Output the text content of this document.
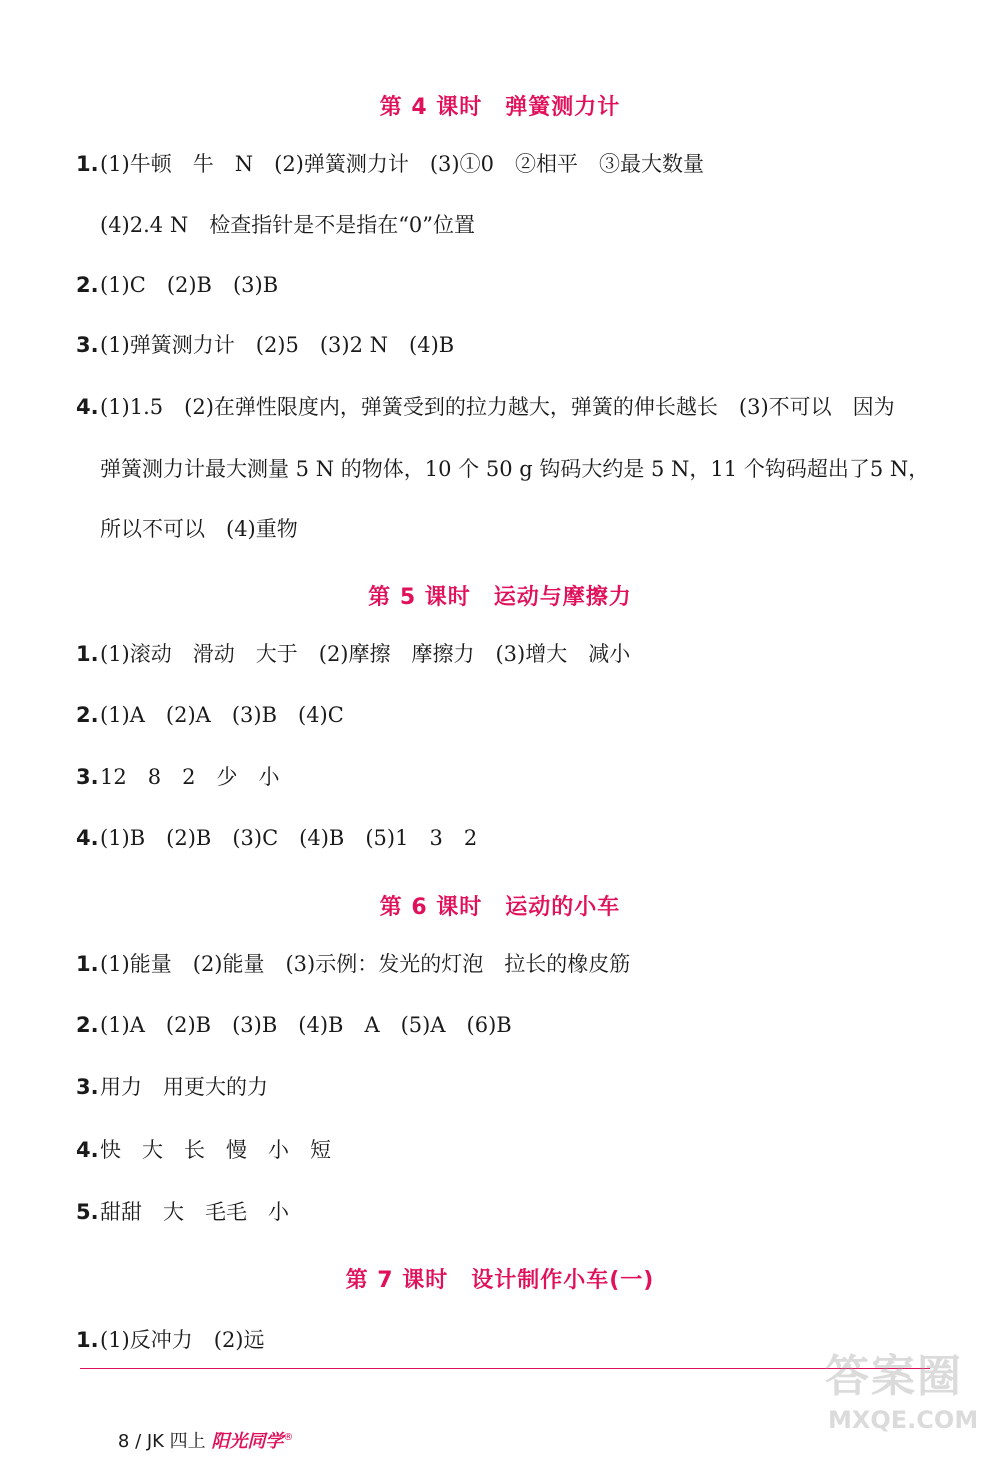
第 4 课时　弹簧测力计
1.(1)牛顿　牛　N　(2)弹簧测力计　(3)①0　②相平　③最大数量
(4)2.4 N　检查指针是不是指在“0”位置
2.(1)C　(2)B　(3)B
3.(1)弹簧测力计　(2)5　(3)2 N　(4)B
4.(1)1.5　(2)在弹性限度内，弹簧受到的拉力越大，弹簧的伸长越长　(3)不可以　因为
弹簧测力计最大测量 5 N 的物体，10 个 50 g 钩码大约是 5 N，11 个钩码超出了5 N，
所以不可以　(4)重物
第 5 课时　运动与摩擦力
1.(1)滚动　滑动　大于　(2)摩擦　摩擦力　(3)增大　减小
2.(1)A　(2)A　(3)B　(4)C
3.12　8　2　少　小
4.(1)B　(2)B　(3)C　(4)B　(5)1　3　2
第 6 课时　运动的小车
1.(1)能量　(2)能量　(3)示例：发光的灯泡　拉长的橡皮筋
2.(1)A　(2)B　(3)B　(4)B　A　(5)A　(6)B
3.用力　用更大的力
4.快　大　长　慢　小　短
5.甜甜　大　毛毛　小
第 7 课时　设计制作小车(一)
1.(1)反冲力　(2)远

8 / JK 四上 阳光同学®

答案圈
MXQE.COM
